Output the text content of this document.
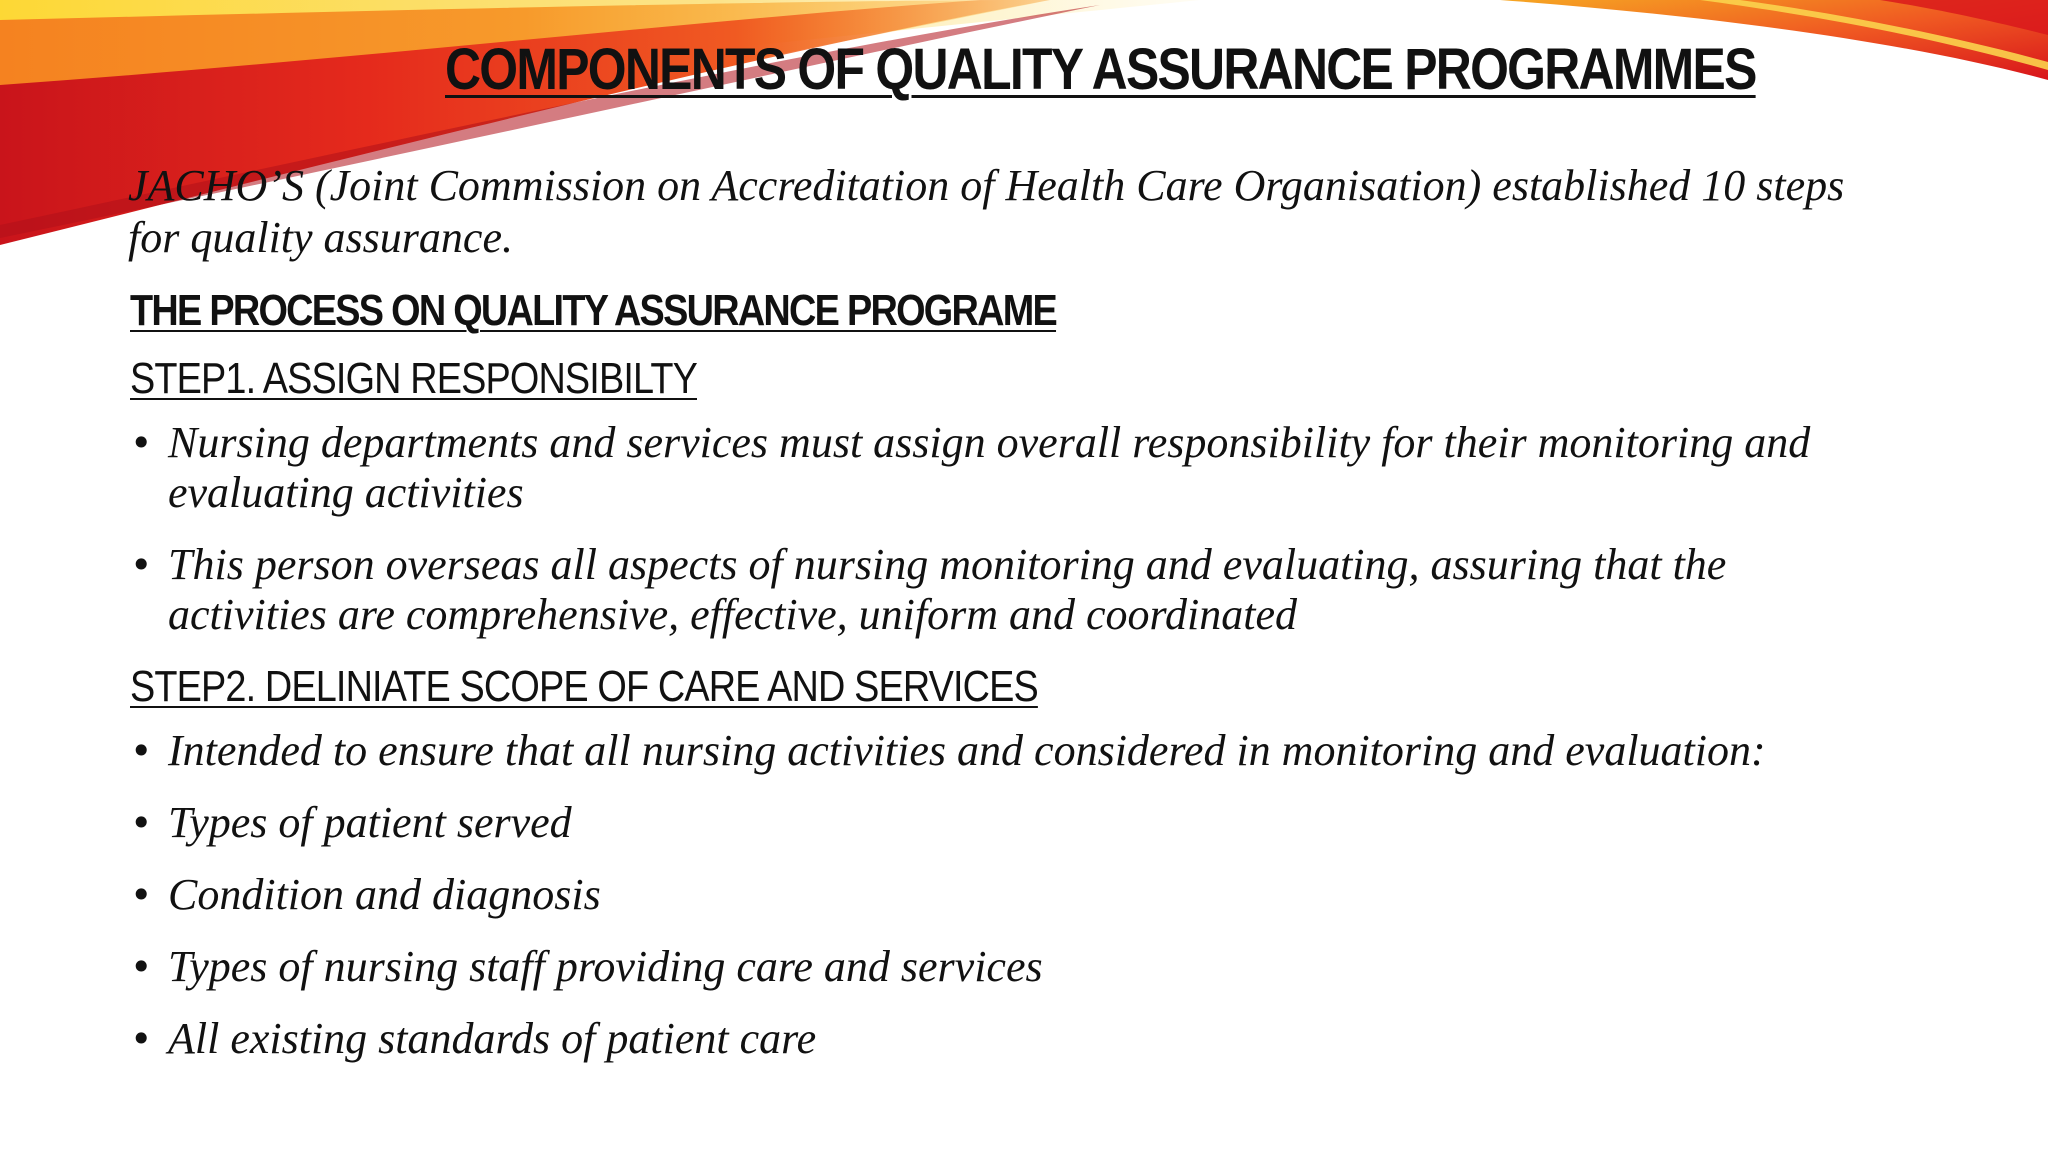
COMPONENTS OF QUALITY ASSURANCE PROGRAMMES

JACHO’S (Joint Commission on Accreditation of Health Care Organisation) established 10 steps for quality assurance.

THE PROCESS ON QUALITY ASSURANCE PROGRAME
STEP1. ASSIGN RESPONSIBILTY
• Nursing departments and services must assign overall responsibility for their monitoring and evaluating activities
• This person overseas all aspects of nursing monitoring and evaluating, assuring that the activities are comprehensive, effective, uniform and coordinated
STEP2. DELINIATE SCOPE OF CARE AND SERVICES
• Intended to ensure that all nursing activities and considered in monitoring and evaluation:
• Types of patient served
• Condition and diagnosis
• Types of nursing staff providing care and services
• All existing standards of patient care
